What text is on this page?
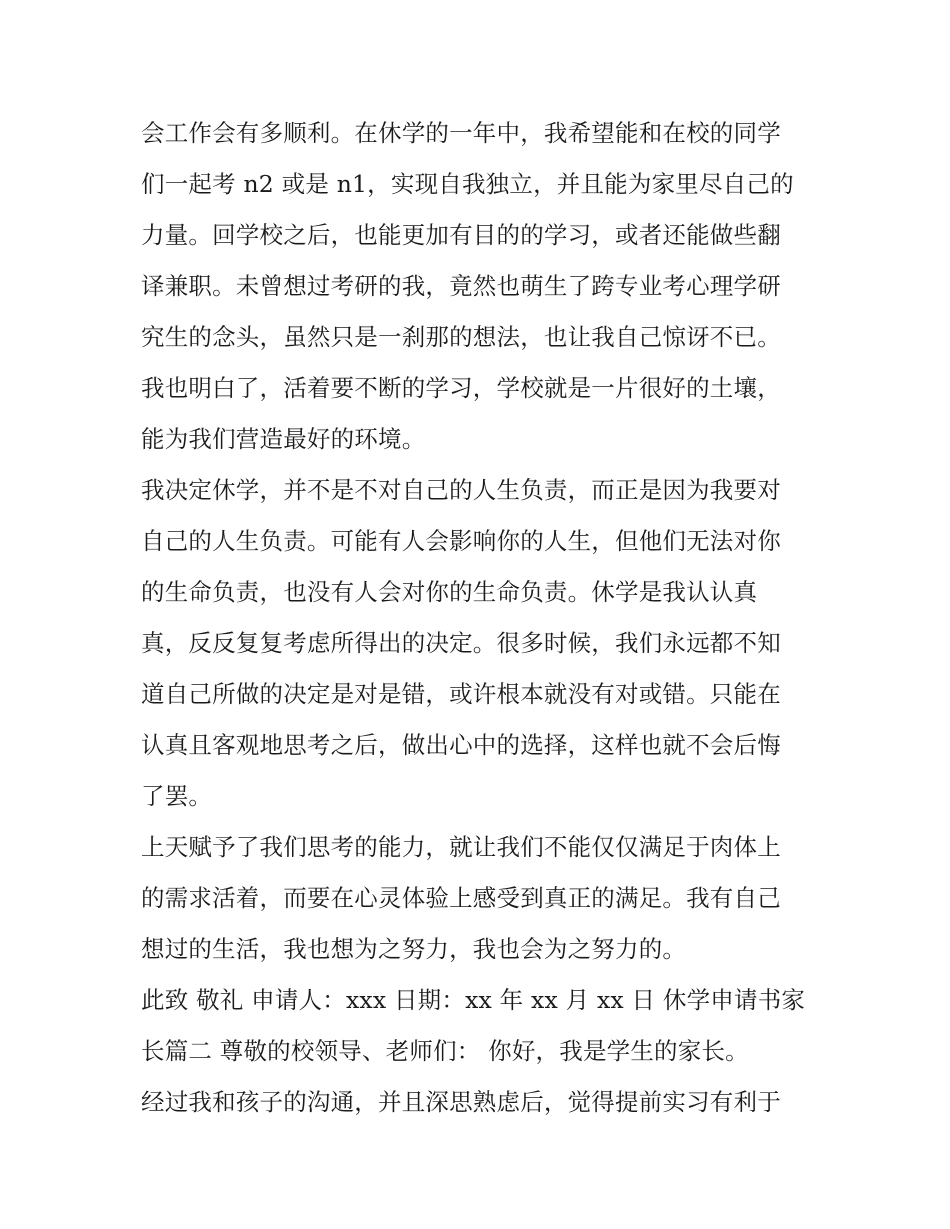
会工作会有多顺利。在休学的一年中，我希望能和在校的同学
们一起考 n2 或是 n1，实现自我独立，并且能为家里尽自己的
力量。回学校之后，也能更加有目的的学习，或者还能做些翻
译兼职。未曾想过考研的我，竟然也萌生了跨专业考心理学研
究生的念头，虽然只是一刹那的想法，也让我自己惊讶不已。
我也明白了，活着要不断的学习，学校就是一片很好的土壤，
能为我们营造最好的环境。
我决定休学，并不是不对自己的人生负责，而正是因为我要对
自己的人生负责。可能有人会影响你的人生，但他们无法对你
的生命负责，也没有人会对你的生命负责。休学是我认认真
真，反反复复考虑所得出的决定。很多时候，我们永远都不知
道自己所做的决定是对是错，或许根本就没有对或错。只能在
认真且客观地思考之后，做出心中的选择，这样也就不会后悔
了罢。
上天赋予了我们思考的能力，就让我们不能仅仅满足于肉体上
的需求活着，而要在心灵体验上感受到真正的满足。我有自己
想过的生活，我也想为之努力，我也会为之努力的。
此致 敬礼 申请人：xxx 日期：xx 年 xx 月 xx 日 休学申请书家
长篇二 尊敬的校领导、老师们： 你好，我是学生的家长。
经过我和孩子的沟通，并且深思熟虑后，觉得提前实习有利于
